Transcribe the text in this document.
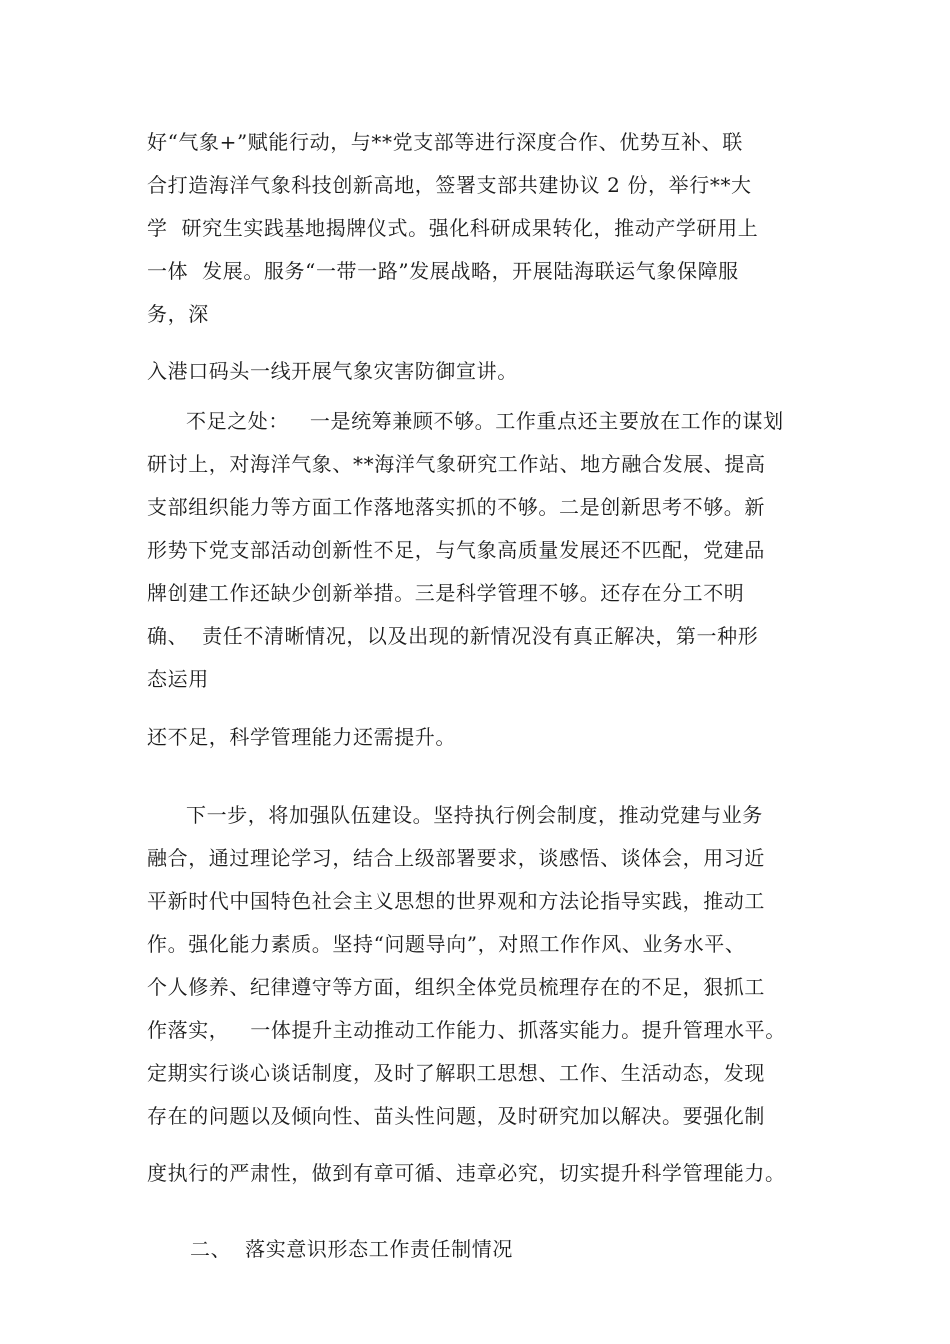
好“气象+”赋能行动，与**党支部等进行深度合作、优势互补、联
合打造海洋气象科技创新高地，签署支部共建协议 2 份，举行**大
学  研究生实践基地揭牌仪式。强化科研成果转化，推动产学研用上
一体  发展。服务“一带一路”发展战略，开展陆海联运气象保障服
务，深
入港口码头一线开展气象灾害防御宣讲。
不足之处：   一是统筹兼顾不够。工作重点还主要放在工作的谋划
研讨上，对海洋气象、**海洋气象研究工作站、地方融合发展、提高
支部组织能力等方面工作落地落实抓的不够。二是创新思考不够。新
形势下党支部活动创新性不足，与气象高质量发展还不匹配，党建品
牌创建工作还缺少创新举措。三是科学管理不够。还存在分工不明
确、  责任不清晰情况，以及出现的新情况没有真正解决，第一种形
态运用
还不足，科学管理能力还需提升。
下一步，将加强队伍建设。坚持执行例会制度，推动党建与业务
融合，通过理论学习，结合上级部署要求，谈感悟、谈体会，用习近
平新时代中国特色社会主义思想的世界观和方法论指导实践，推动工
作。强化能力素质。坚持“问题导向”，对照工作作风、业务水平、
个人修养、纪律遵守等方面，组织全体党员梳理存在的不足，狠抓工
作落实，   一体提升主动推动工作能力、抓落实能力。提升管理水平。
定期实行谈心谈话制度，及时了解职工思想、工作、生活动态，发现
存在的问题以及倾向性、苗头性问题，及时研究加以解决。要强化制
度执行的严肃性，做到有章可循、违章必究，切实提升科学管理能力。
二、  落实意识形态工作责任制情况
